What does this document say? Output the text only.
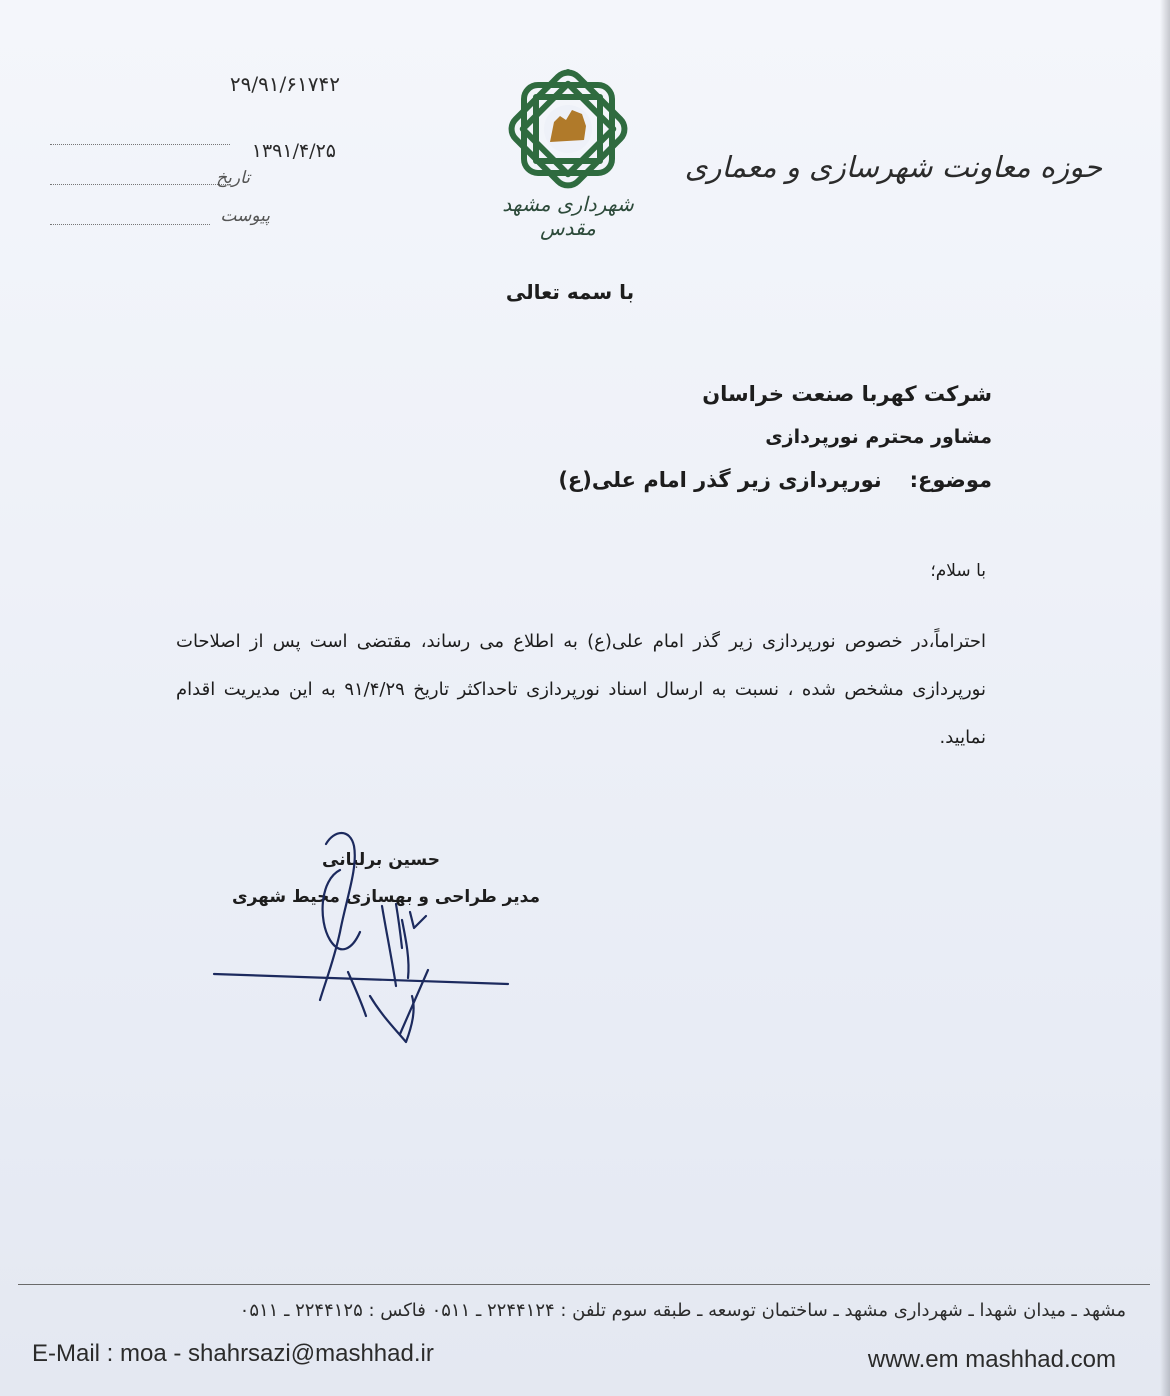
۲۹/۹۱/۶۱۷۴۲
۱۳۹۱/۴/۲۵
تاریخ
پیوست	شهرداری مشهد مقدس
حوزه معاونت شهرسازی و معماری
با سمه تعالی
شرکت کهربا صنعت خراسان
مشاور محترم نورپردازی
موضوع:نورپردازی زیر گذر امام علی(ع)
با سلام؛
احتراماً،در خصوص نورپردازی زیر گذر امام علی(ع) به اطلاع می رساند، مقتضی است پس از اصلاحات نورپردازی مشخص شده ، نسبت به ارسال اسناد نورپردازی تاحداکثر تاریخ ۹۱/۴/۲۹ به این مدیریت اقدام نمایید.
حسین برلیانی
مدیر طراحی و بهسازی محیط شهری
مشهد ـ میدان شهدا ـ شهرداری مشهد ـ ساختمان توسعه ـ طبقه سوم تلفن : ۲۲۴۴۱۲۴ ـ ۰۵۱۱ فاکس : ۲۲۴۴۱۲۵ ـ ۰۵۱۱
E-Mail : moa - shahrsazi@mashhad.ir	www.em mashhad.com
